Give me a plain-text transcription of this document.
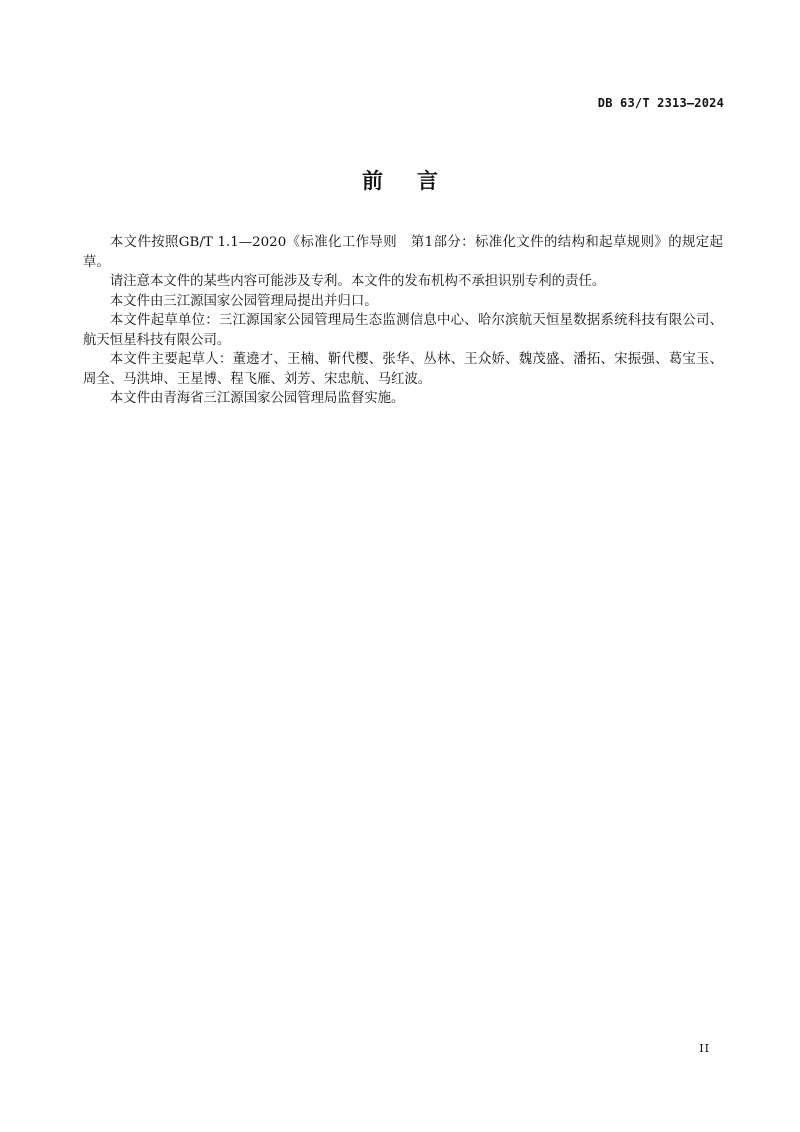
DB 63/T 2313—2024
前言

本文件按照GB/T 1.1—2020《标准化工作导则　第1部分：标准化文件的结构和起草规则》的规定起草。

请注意本文件的某些内容可能涉及专利。本文件的发布机构不承担识别专利的责任。

本文件由三江源国家公园管理局提出并归口。

本文件起草单位：三江源国家公园管理局生态监测信息中心、哈尔滨航天恒星数据系统科技有限公司、航天恒星科技有限公司。

本文件主要起草人：董遶才、王楠、靳代樱、张华、丛林、王众娇、魏茂盛、潘拓、宋振强、葛宝玉、周全、马洪坤、王星博、程飞雁、刘芳、宋忠航、马红波。

本文件由青海省三江源国家公园管理局监督实施。

II
